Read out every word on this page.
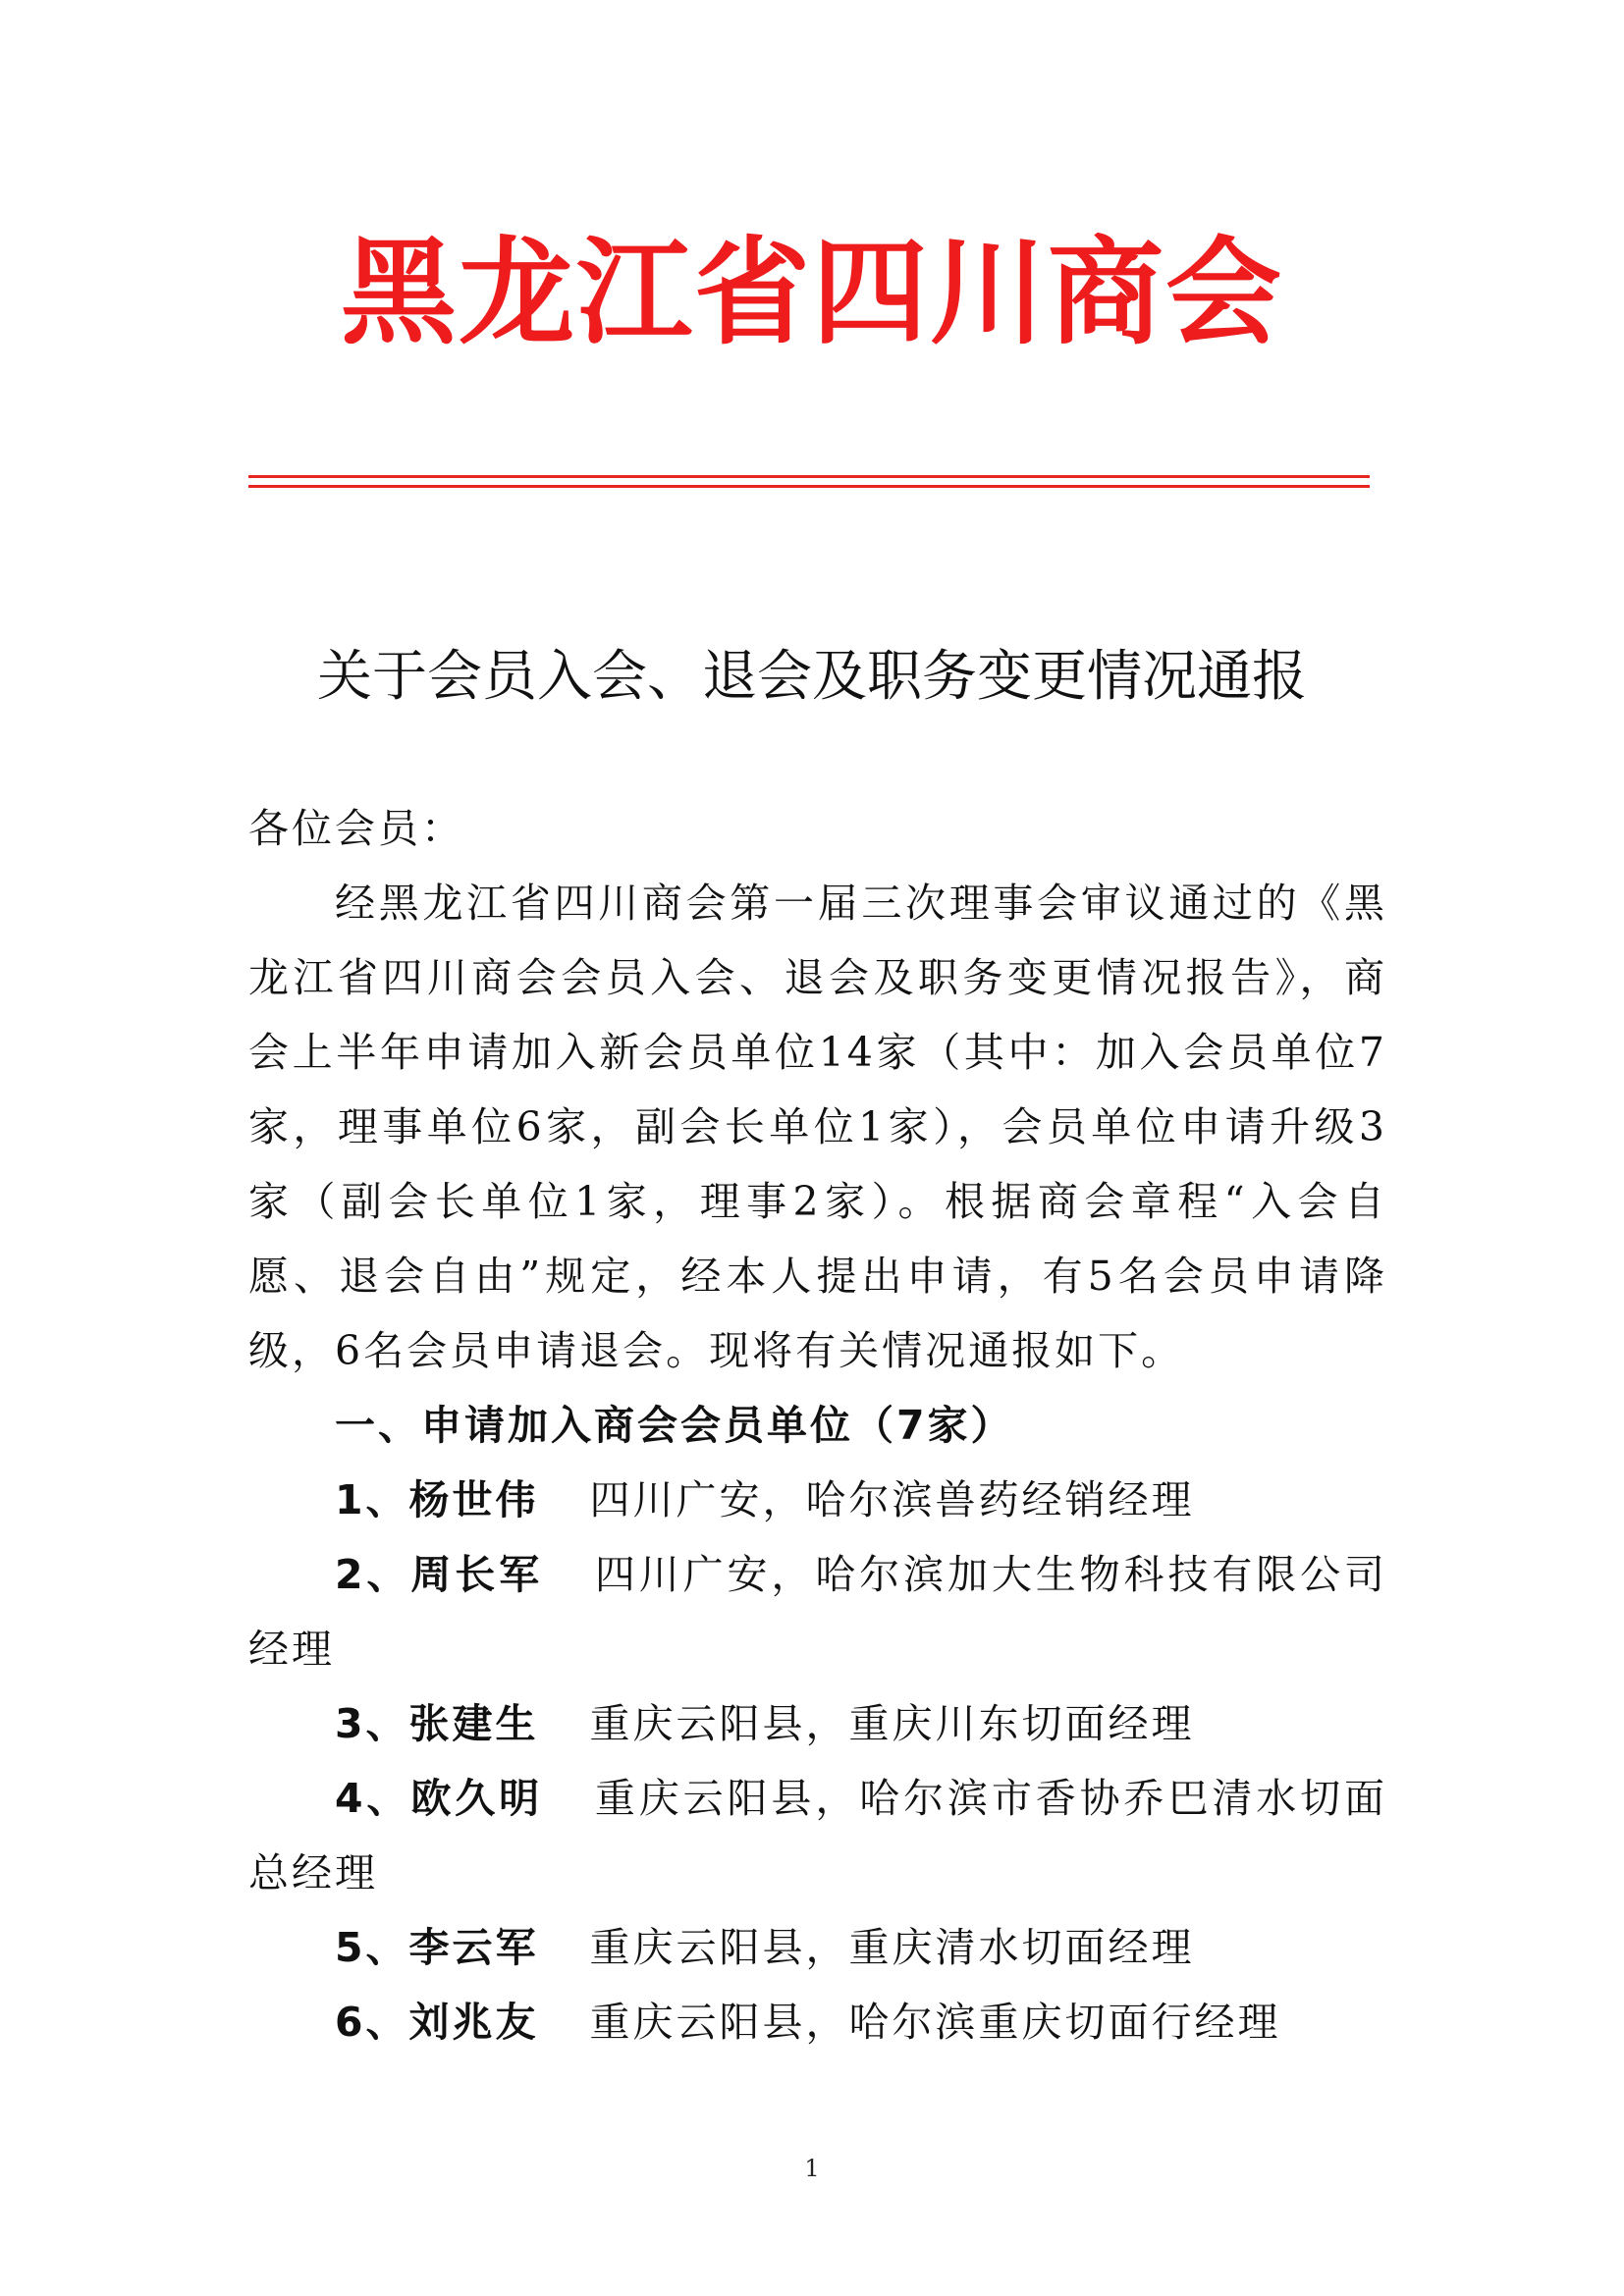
黑龙江省四川商会
关于会员入会、退会及职务变更情况通报

各位会员：

经黑龙江省四川商会第一届三次理事会审议通过的《黑龙江省四川商会会员入会、退会及职务变更情况报告》，商会上半年申请加入新会员单位14家（其中：加入会员单位7家，理事单位6家，副会长单位1家），会员单位申请升级3家（副会长单位1家，理事2家）。根据商会章程“入会自愿、退会自由”规定，经本人提出申请，有5名会员申请降级，6名会员申请退会。现将有关情况通报如下。

一、申请加入商会会员单位（7家）

1、杨世伟 四川广安，哈尔滨兽药经销经理

2、周长军 四川广安，哈尔滨加大生物科技有限公司经理

3、张建生 重庆云阳县，重庆川东切面经理

4、欧久明 重庆云阳县，哈尔滨市香协乔巴清水切面总经理

5、李云军 重庆云阳县，重庆清水切面经理

6、刘兆友 重庆云阳县，哈尔滨重庆切面行经理

1
